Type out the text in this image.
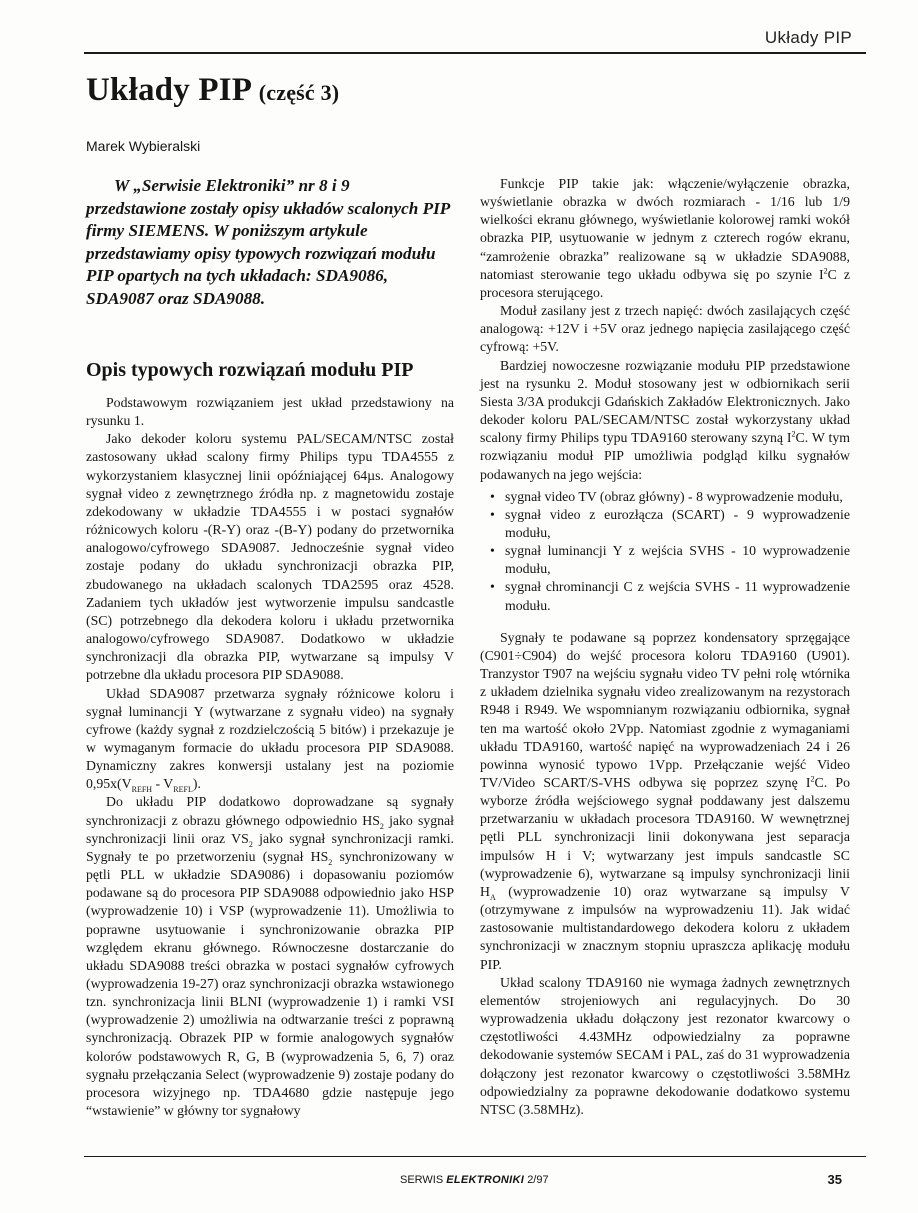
Układy PIP
Układy PIP (część 3)
Marek Wybieralski

W „Serwisie Elektroniki” nr 8 i 9 przedstawione zostały opisy układów scalonych PIP firmy SIEMENS. W poniższym artykule przedstawiamy opisy typowych rozwiązań modułu PIP opartych na tych układach: SDA9086, SDA9087 oraz SDA9088.

Opis typowych rozwiązań modułu PIP

Podstawowym rozwiązaniem jest układ przedstawiony na rysunku 1.

Jako dekoder koloru systemu PAL/SECAM/NTSC został zastosowany układ scalony firmy Philips typu TDA4555 z wykorzystaniem klasycznej linii opóźniającej 64µs. Analogowy sygnał video z zewnętrznego źródła np. z magnetowidu zostaje zdekodowany w układzie TDA4555 i w postaci sygnałów różnicowych koloru -(R-Y) oraz -(B-Y) podany do przetwornika analogowo/cyfrowego SDA9087. Jednocześnie sygnał video zostaje podany do układu synchronizacji obrazka PIP, zbudowanego na układach scalonych TDA2595 oraz 4528. Zadaniem tych układów jest wytworzenie impulsu sandcastle (SC) potrzebnego dla dekodera koloru i układu przetwornika analogowo/cyfrowego SDA9087. Dodatkowo w układzie synchronizacji dla obrazka PIP, wytwarzane są impulsy V potrzebne dla układu procesora PIP SDA9088.

Układ SDA9087 przetwarza sygnały różnicowe koloru i sygnał luminancji Y (wytwarzane z sygnału video) na sygnały cyfrowe (każdy sygnał z rozdzielczością 5 bitów) i przekazuje je w wymaganym formacie do układu procesora PIP SDA9088. Dynamiczny zakres konwersji ustalany jest na poziomie $0,95x(V_{REFH} - V_{REFL})$.

Do układu PIP dodatkowo doprowadzane są sygnały synchronizacji z obrazu głównego odpowiednio $HS_2$ jako sygnał synchronizacji linii oraz $VS_2$ jako sygnał synchronizacji ramki. Sygnały te po przetworzeniu (sygnał $HS_2$ synchronizowany w pętli PLL w układzie SDA9086) i dopasowaniu poziomów podawane są do procesora PIP SDA9088 odpowiednio jako HSP (wyprowadzenie 10) i VSP (wyprowadzenie 11). Umożliwia to poprawne usytuowanie i synchronizowanie obrazka PIP względem ekranu głównego. Równoczesne dostarczanie do układu SDA9088 treści obrazka w postaci sygnałów cyfrowych (wyprowadzenia 19-27) oraz synchronizacji obrazka wstawionego tzn. synchronizacja linii BLNI (wyprowadzenie 1) i ramki VSI (wyprowadzenie 2) umożliwia na odtwarzanie treści z poprawną synchronizacją. Obrazek PIP w formie analogowych sygnałów kolorów podstawowych R, G, B (wyprowadzenia 5, 6, 7) oraz sygnału przełączania Select (wyprowadzenie 9) zostaje podany do procesora wizyjnego np. TDA4680 gdzie następuje jego “wstawienie” w główny tor sygnałowy

Funkcje PIP takie jak: włączenie/wyłączenie obrazka, wyświetlanie obrazka w dwóch rozmiarach - 1/16 lub 1/9 wielkości ekranu głównego, wyświetlanie kolorowej ramki wokół obrazka PIP, usytuowanie w jednym z czterech rogów ekranu, “zamrożenie obrazka” realizowane są w układzie SDA9088, natomiast sterowanie tego układu odbywa się po szynie $I^2C$ z procesora sterującego.

Moduł zasilany jest z trzech napięć: dwóch zasilających część analogową: +12V i +5V oraz jednego napięcia zasilającego część cyfrową: +5V.

Bardziej nowoczesne rozwiązanie modułu PIP przedstawione jest na rysunku 2. Moduł stosowany jest w odbiornikach serii Siesta 3/3A produkcji Gdańskich Zakładów Elektronicznych. Jako dekoder koloru PAL/SECAM/NTSC został wykorzystany układ scalony firmy Philips typu TDA9160 sterowany szyną $I^2C$. W tym rozwiązaniu moduł PIP umożliwia podgląd kilku sygnałów podawanych na jego wejścia:

• sygnał video TV (obraz główny) - 8 wyprowadzenie modułu,
• sygnał video z eurozłącza (SCART) - 9 wyprowadzenie modułu,
• sygnał luminancji Y z wejścia SVHS - 10 wyprowadzenie modułu,
• sygnał chrominancji C z wejścia SVHS - 11 wyprowadzenie modułu.

Sygnały te podawane są poprzez kondensatory sprzęgające (C901÷C904) do wejść procesora koloru TDA9160 (U901). Tranzystor T907 na wejściu sygnału video TV pełni rolę wtórnika z układem dzielnika sygnału video zrealizowanym na rezystorach R948 i R949. We wspomnianym rozwiązaniu odbiornika, sygnał ten ma wartość około 2Vpp. Natomiast zgodnie z wymaganiami układu TDA9160, wartość napięć na wyprowadzeniach 24 i 26 powinna wynosić typowo 1Vpp. Przełączanie wejść Video TV/Video SCART/S-VHS odbywa się poprzez szynę $I^2C$. Po wyborze źródła wejściowego sygnał poddawany jest dalszemu przetwarzaniu w układach procesora TDA9160. W wewnętrznej pętli PLL synchronizacji linii dokonywana jest separacja impulsów H i V; wytwarzany jest impuls sandcastle SC (wyprowadzenie 6), wytwarzane są impulsy synchronizacji linii $H_A$ (wyprowadzenie 10) oraz wytwarzane są impulsy V (otrzymywane z impulsów na wyprowadzeniu 11). Jak widać zastosowanie multistandardowego dekodera koloru z układem synchronizacji w znacznym stopniu upraszcza aplikację modułu PIP.

Układ scalony TDA9160 nie wymaga żadnych zewnętrznych elementów strojeniowych ani regulacyjnych. Do 30 wyprowadzenia układu dołączony jest rezonator kwarcowy o częstotliwości 4.43MHz odpowiedzialny za poprawne dekodowanie systemów SECAM i PAL, zaś do 31 wyprowadzenia dołączony jest rezonator kwarcowy o częstotliwości 3.58MHz odpowiedzialny za poprawne dekodowanie dodatkowo systemu NTSC (3.58MHz).

SERWIS ELEKTRONIKI 2/97	35
